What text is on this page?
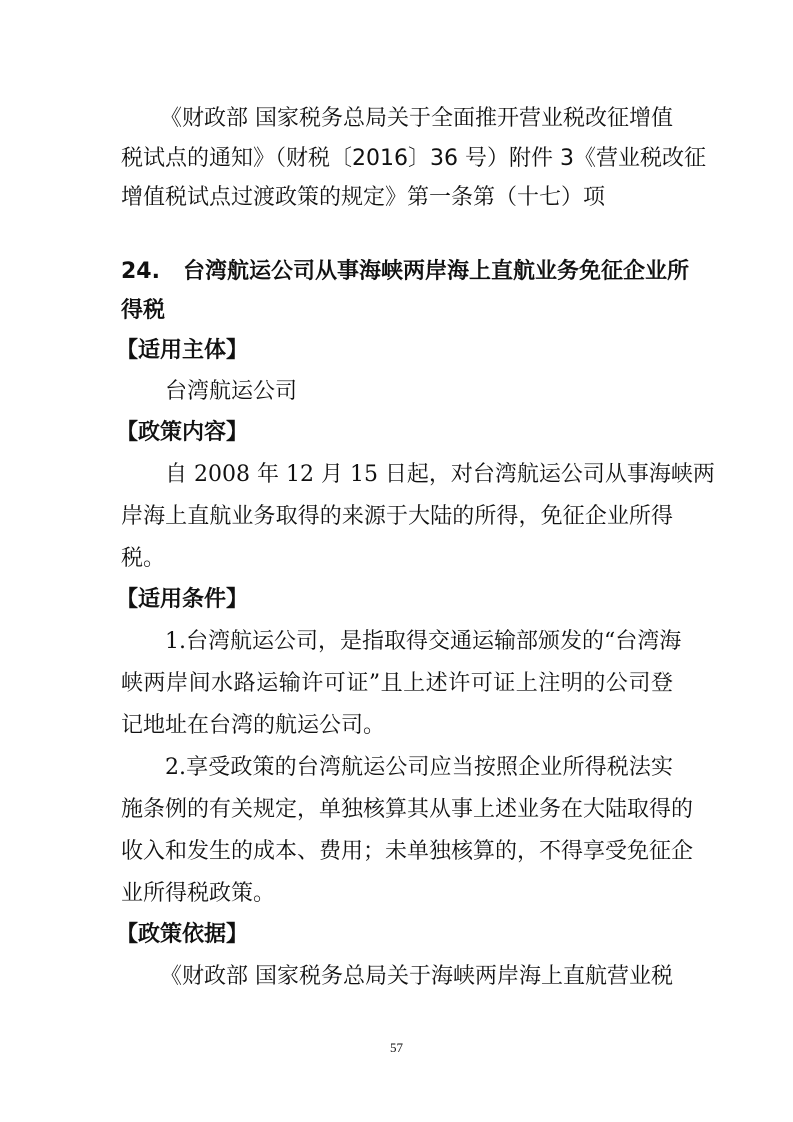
《财政部 国家税务总局关于全面推开营业税改征增值
税试点的通知》（财税〔2016〕36 号）附件 3《营业税改征
增值税试点过渡政策的规定》第一条第（十七）项
24.   台湾航运公司从事海峡两岸海上直航业务免征企业所
得税
【适用主体】
台湾航运公司
【政策内容】
自 2008 年 12 月 15 日起，对台湾航运公司从事海峡两
岸海上直航业务取得的来源于大陆的所得，免征企业所得
税。
【适用条件】
1.台湾航运公司，是指取得交通运输部颁发的“台湾海
峡两岸间水路运输许可证”且上述许可证上注明的公司登
记地址在台湾的航运公司。
2.享受政策的台湾航运公司应当按照企业所得税法实
施条例的有关规定，单独核算其从事上述业务在大陆取得的
收入和发生的成本、费用；未单独核算的，不得享受免征企
业所得税政策。
【政策依据】
《财政部 国家税务总局关于海峡两岸海上直航营业税
57
